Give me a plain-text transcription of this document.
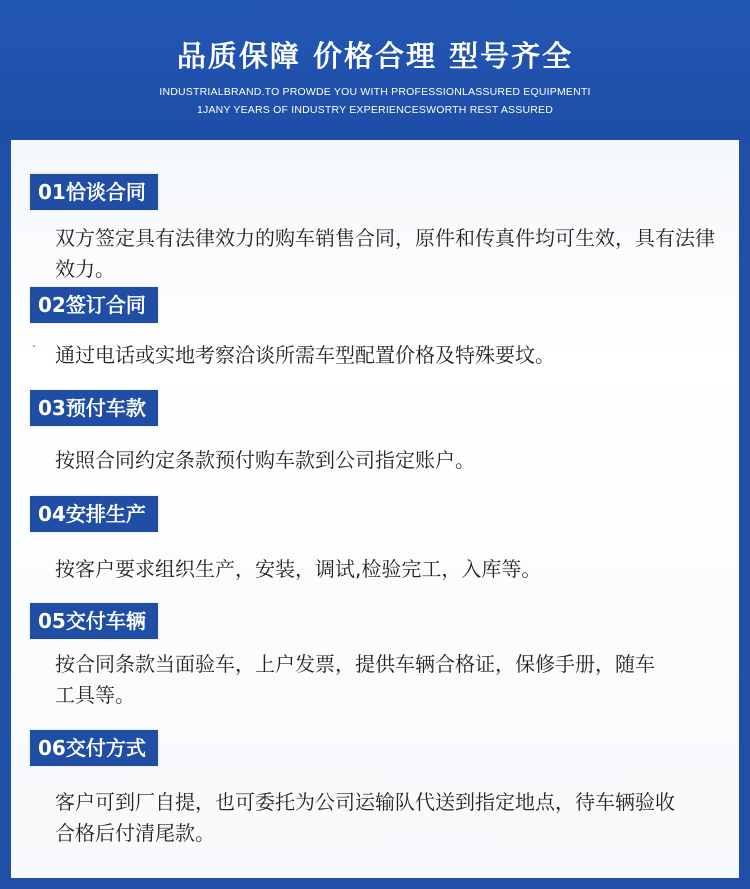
品质保障 价格合理 型号齐全
INDUSTRIALBRAND.TO PROWDE YOU WITH PROFESSIONLASSURED EQUIPMENTI
1JANY YEARS OF INDUSTRY EXPERIENCESWORTH REST ASSURED
01恰谈合同
双方签定具有法律效力的购车销售合同，原件和传真件均可生效，具有法律效力。
02签订合同
通过电话或实地考察洽谈所需车型配置价格及特殊要坟。
03预付车款
按照合同约定条款预付购车款到公司指定账户。
04安排生产
按客户要求组织生产，安装，调试,检验完工，入库等。
05交付车辆
按合同条款当面验车，上户发票，提供车辆合格证，保修手册，随车工具等。
06交付方式
客户可到厂自提，也可委托为公司运输队代送到指定地点，待车辆验收合格后付清尾款。
